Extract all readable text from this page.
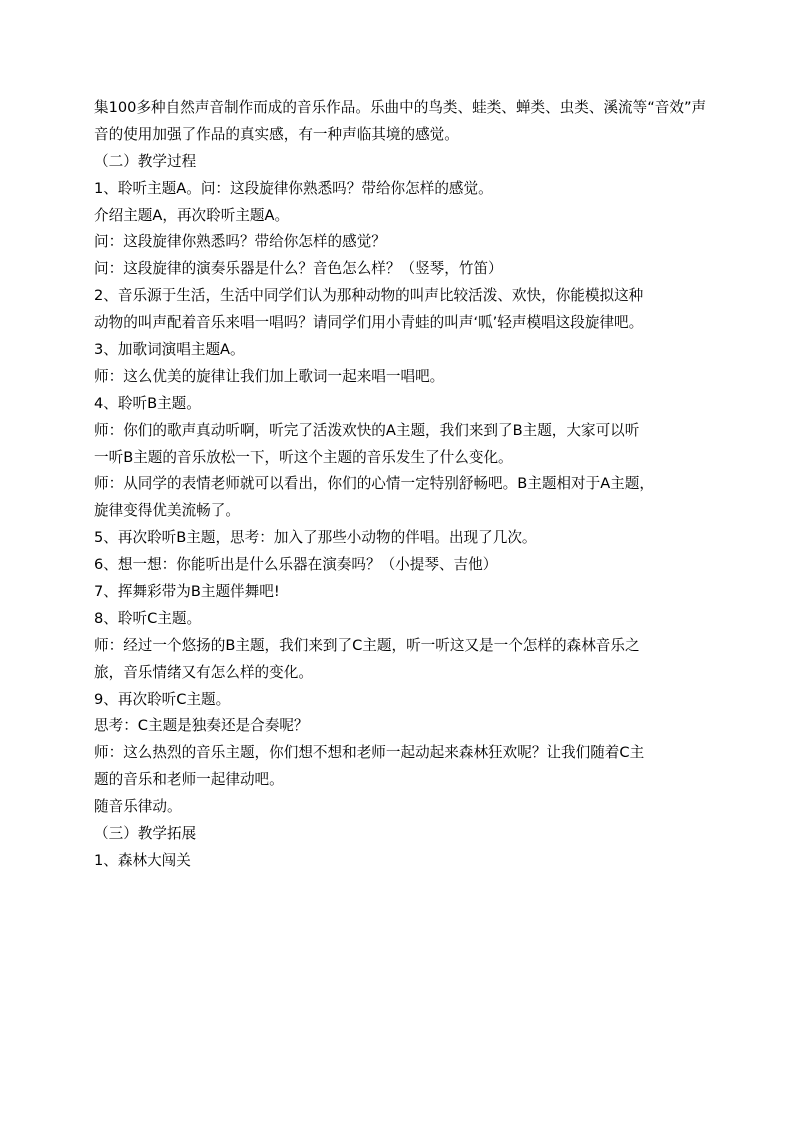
集100多种自然声音制作而成的音乐作品。乐曲中的鸟类、蛙类、蝉类、虫类、溪流等“音效”声
音的使用加强了作品的真实感，有一种声临其境的感觉。
（二）教学过程
1、聆听主题A。问：这段旋律你熟悉吗？带给你怎样的感觉。
介绍主题A，再次聆听主题A。
问：这段旋律你熟悉吗？带给你怎样的感觉？
问：这段旋律的演奏乐器是什么？音色怎么样？（竖琴，竹笛）
2、音乐源于生活，生活中同学们认为那种动物的叫声比较活泼、欢快，你能模拟这种
动物的叫声配着音乐来唱一唱吗？请同学们用小青蛙的叫声‘呱’轻声模唱这段旋律吧。
3、加歌词演唱主题A。
师：这么优美的旋律让我们加上歌词一起来唱一唱吧。
4、聆听B主题。
师：你们的歌声真动听啊，听完了活泼欢快的A主题，我们来到了B主题，大家可以听
一听B主题的音乐放松一下，听这个主题的音乐发生了什么变化。
师：从同学的表情老师就可以看出，你们的心情一定特别舒畅吧。B主题相对于A主题，
旋律变得优美流畅了。
5、再次聆听B主题，思考：加入了那些小动物的伴唱。出现了几次。
6、想一想：你能听出是什么乐器在演奏吗？（小提琴、吉他）
7、挥舞彩带为B主题伴舞吧!
8、聆听C主题。
师：经过一个悠扬的B主题，我们来到了C主题，听一听这又是一个怎样的森林音乐之
旅，音乐情绪又有怎么样的变化。
9、再次聆听C主题。
思考：C主题是独奏还是合奏呢？
师：这么热烈的音乐主题，你们想不想和老师一起动起来森林狂欢呢？让我们随着C主
题的音乐和老师一起律动吧。
随音乐律动。
（三）教学拓展
1、森林大闯关
